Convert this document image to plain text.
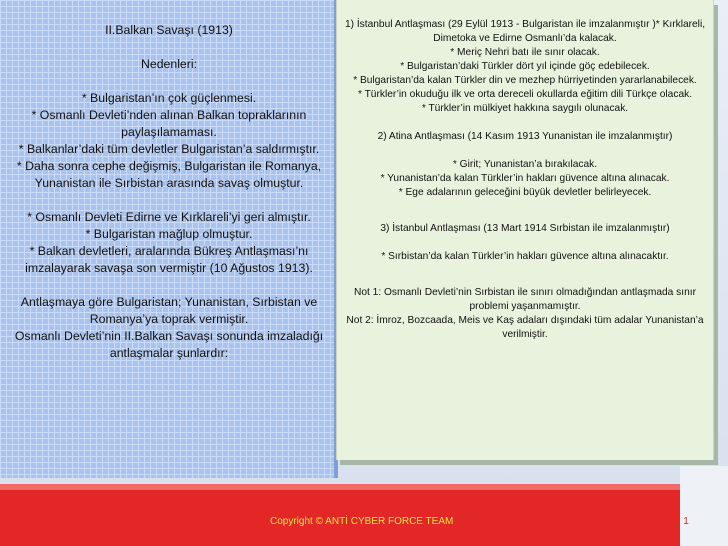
II.Balkan Savaşı (1913)

Nedenleri:

* Bulgaristan’ın çok güçlenmesi.

* Osmanlı Devleti’nden alınan Balkan topraklarının paylaşılamaması.

* Balkanlar’daki tüm devletler Bulgaristan’a saldırmıştır.

* Daha sonra cephe değişmiş, Bulgaristan ile Romanya, Yunanistan ile Sırbistan arasında savaş olmuştur.

* Osmanlı Devleti Edirne ve Kırklareli’yi geri almıştır.

* Bulgaristan mağlup olmuştur.

* Balkan devletleri, aralarında Bükreş Antlaşması’nı imzalayarak savaşa son vermiştir (10 Ağustos 1913).

Antlaşmaya göre Bulgaristan; Yunanistan, Sırbistan ve Romanya’ya toprak vermiştir.

Osmanlı Devleti’nin II.Balkan Savaşı sonunda imzaladığı antlaşmalar şunlardır:

1) İstanbul Antlaşması (29 Eylül 1913 - Bulgaristan ile imzalanmıştır )* Kırklareli, Dimetoka ve Edirne Osmanlı’da kalacak.

* Meriç Nehri batı ile sınır olacak.

* Bulgaristan’daki Türkler dört yıl içinde göç edebilecek.

* Bulgaristan’da kalan Türkler din ve mezhep hürriyetinden yararlanabilecek.

* Türkler’in okuduğu ilk ve orta dereceli okullarda eğitim dili Türkçe olacak.

* Türkler’in mülkiyet hakkına saygılı olunacak.

2) Atina Antlaşması (14 Kasım 1913 Yunanistan ile imzalanmıştır)

* Girit; Yunanistan’a bırakılacak.

* Yunanistan’da kalan Türkler’in hakları güvence altına alınacak.

* Ege adalarının geleceğini büyük devletler belirleyecek.

3) İstanbul Antlaşması (13 Mart 1914 Sırbistan ile imzalanmıştır)

* Sırbistan’da kalan Türkler’in hakları güvence altına alınacaktır.

Not 1: Osmanlı Devleti’nin Sırbistan ile sınırı olmadığından antlaşmada sınır problemi yaşanmamıştır.

Not 2: İmroz, Bozcaada, Meis ve Kaş adaları dışındaki tüm adalar Yunanistan’a verilmiştir.

Copyright © ANTİ CYBER FORCE TEAM	1
